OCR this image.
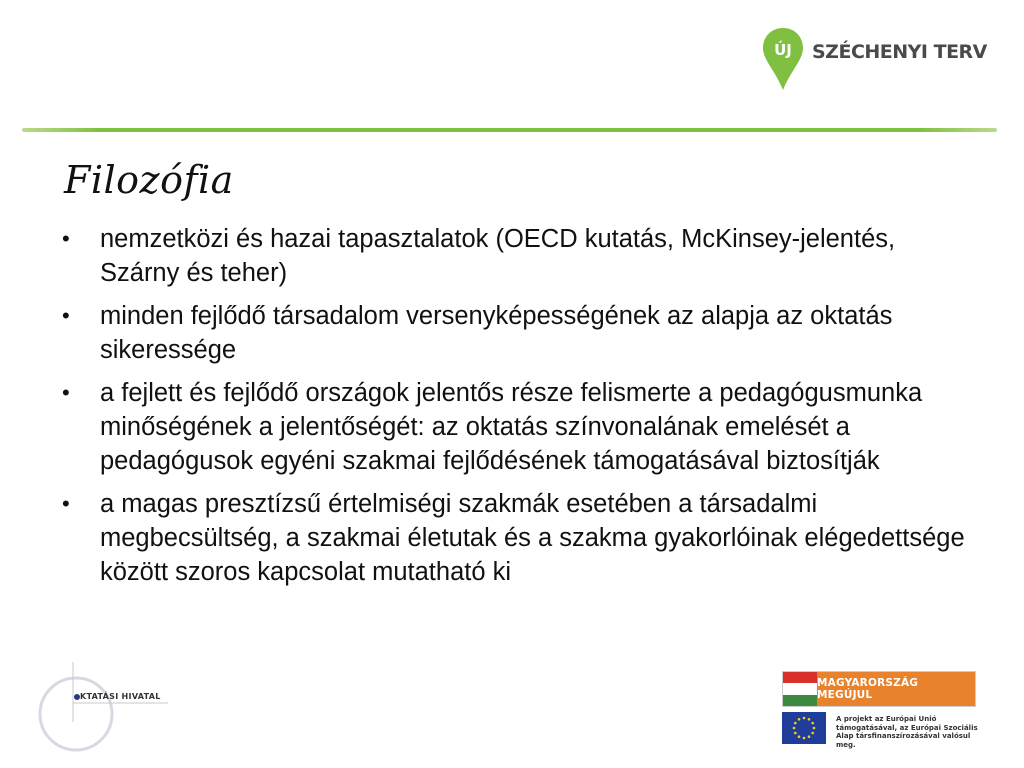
ÚJ SZÉCHENYI TERV
Filozófia
• nemzetközi és hazai tapasztalatok (OECD kutatás, McKinsey-jelentés, Szárny és teher)
• minden fejlődő társadalom versenyképességének az alapja az oktatás sikeressége
• a fejlett és fejlődő országok jelentős része felismerte a pedagógusmunka minőségének a jelentőségét: az oktatás színvonalának emelését a pedagógusok egyéni szakmai fejlődésének támogatásával biztosítják
• a magas presztízsű értelmiségi szakmák esetében a társadalmi megbecsültség, a szakmai életutak és a szakma gyakorlóinak elégedettsége között szoros kapcsolat mutatható ki
KTATÁSI HIVATAL
MAGYARORSZÁG MEGÚJUL
A projekt az Európai Unió támogatásával, az Európai Szociális Alap társfinanszírozásával valósul meg.
